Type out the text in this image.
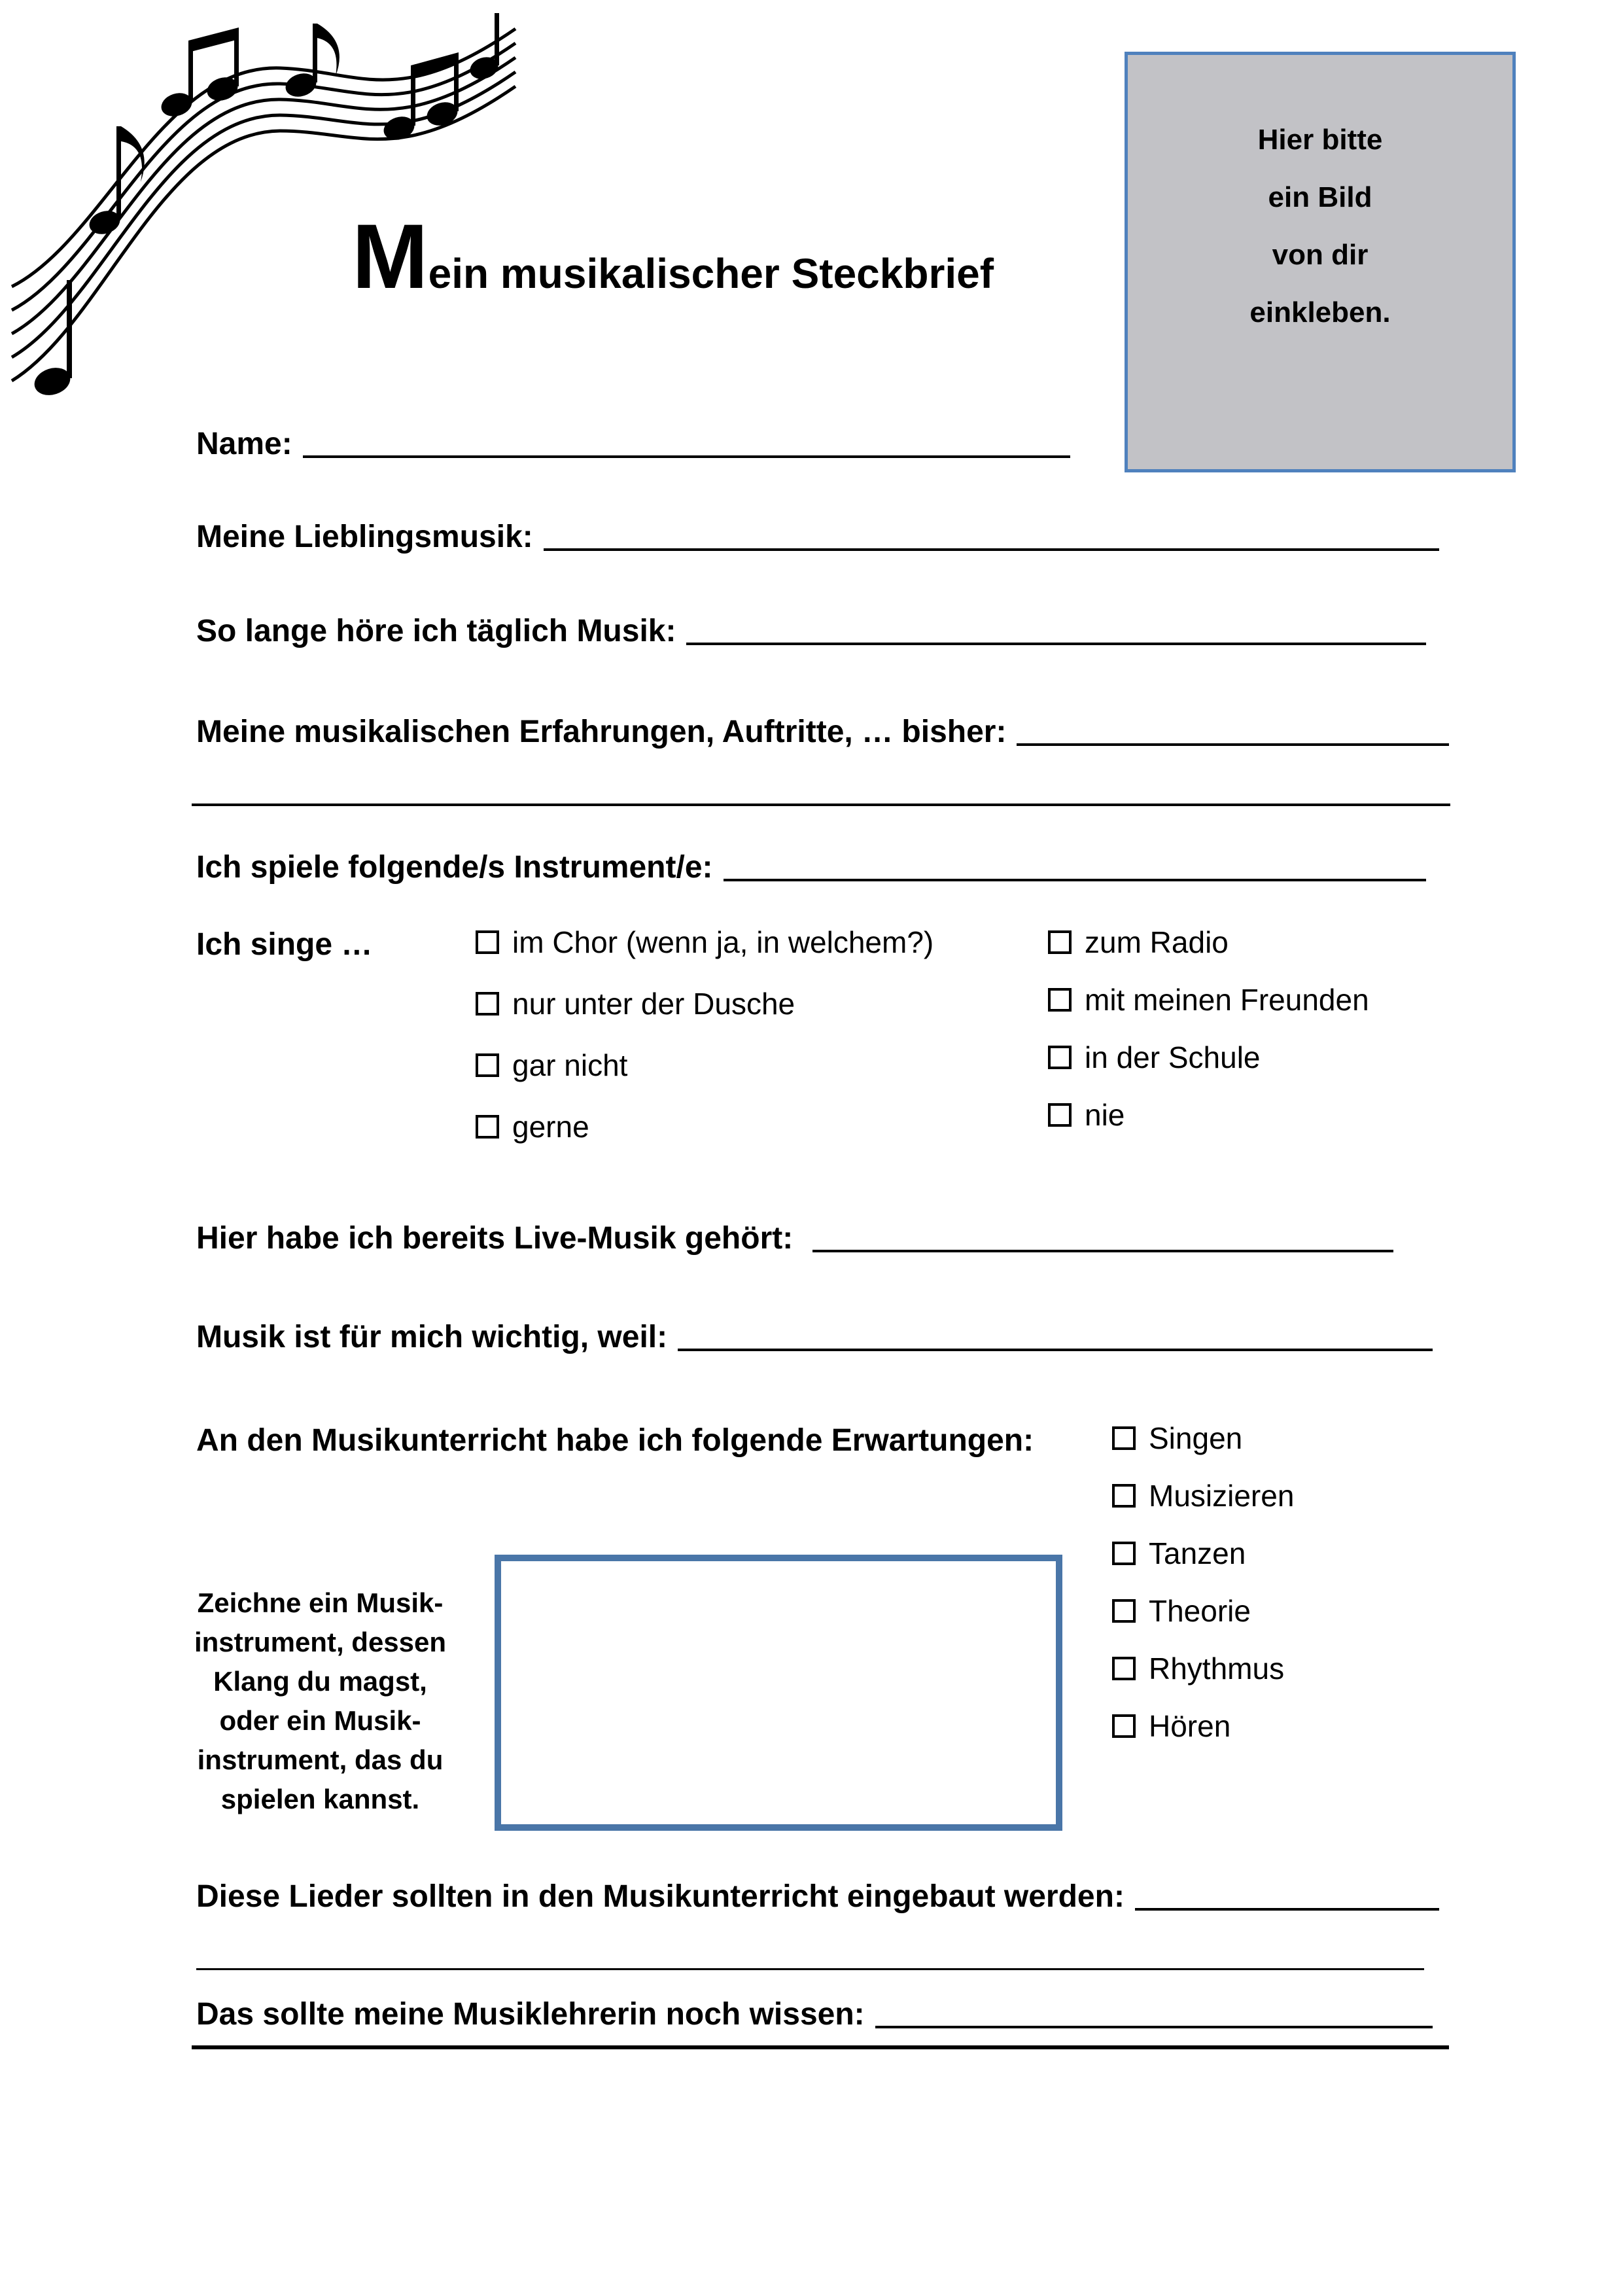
Mein musikalischer Steckbrief
Hier bitte
ein Bild
von dir
einkleben.
Name:
Meine Lieblingsmusik:
So lange höre ich täglich Musik:
Meine musikalischen Erfahrungen, Auftritte, … bisher:
Ich spiele folgende/s Instrument/e:
Ich singe …	im Chor (wenn ja, in welchem?)
nur unter der Dusche
gar nicht
gerne
zum Radio
mit meinen Freunden
in der Schule
nie
Hier habe ich bereits Live-Musik gehört:
Musik ist für mich wichtig, weil:
An den Musikunterricht habe ich folgende Erwartungen:	Singen
Musizieren
Tanzen
Theorie
Rhythmus
Hören
Zeichne ein Musik-
instrument, dessen
Klang du magst,
oder ein Musik-
instrument, das du
spielen kannst.
Diese Lieder sollten in den Musikunterricht eingebaut werden:
Das sollte meine Musiklehrerin noch wissen:
